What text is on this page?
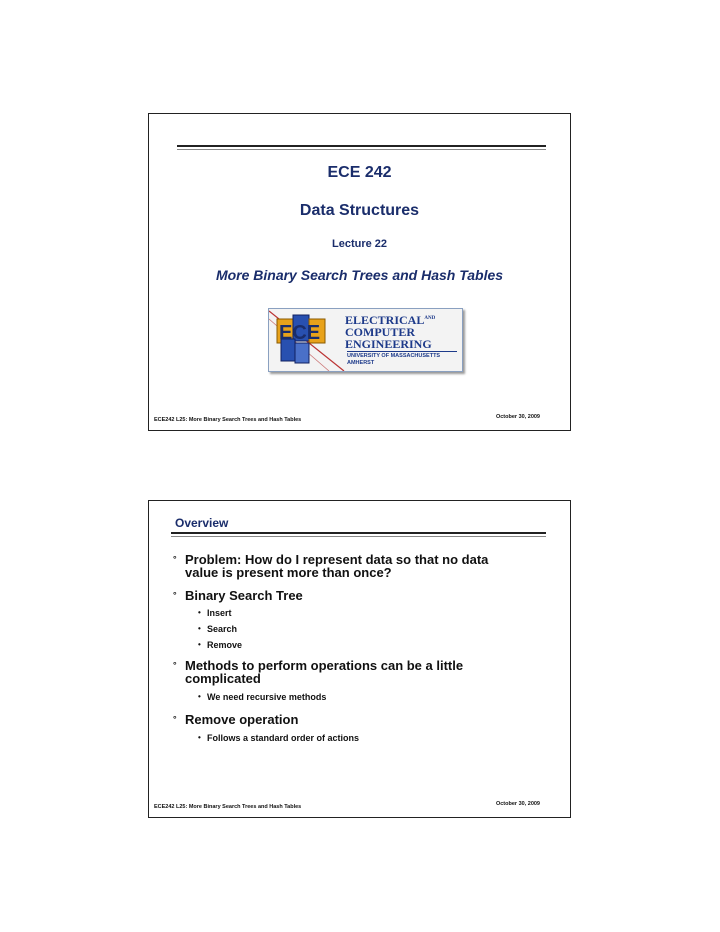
ECE 242
Data Structures
Lecture 22
More Binary Search Trees and Hash Tables
ECE
$ELECTRICAL^{AND}$
COMPUTER
ENGINEERING
UNIVERSITY OF MASSACHUSETTS
AMHERST
ECE242 L25: More Binary Search Trees and Hash Tables	October 30, 2009
Overview
° Problem: How do I represent data so that no data
value is present more than once?
° Binary Search Tree
• Insert
• Search
• Remove
° Methods to perform operations can be a little
complicated
• We need recursive methods
° Remove operation
• Follows a standard order of actions
ECE242 L25: More Binary Search Trees and Hash Tables	October 30, 2009
